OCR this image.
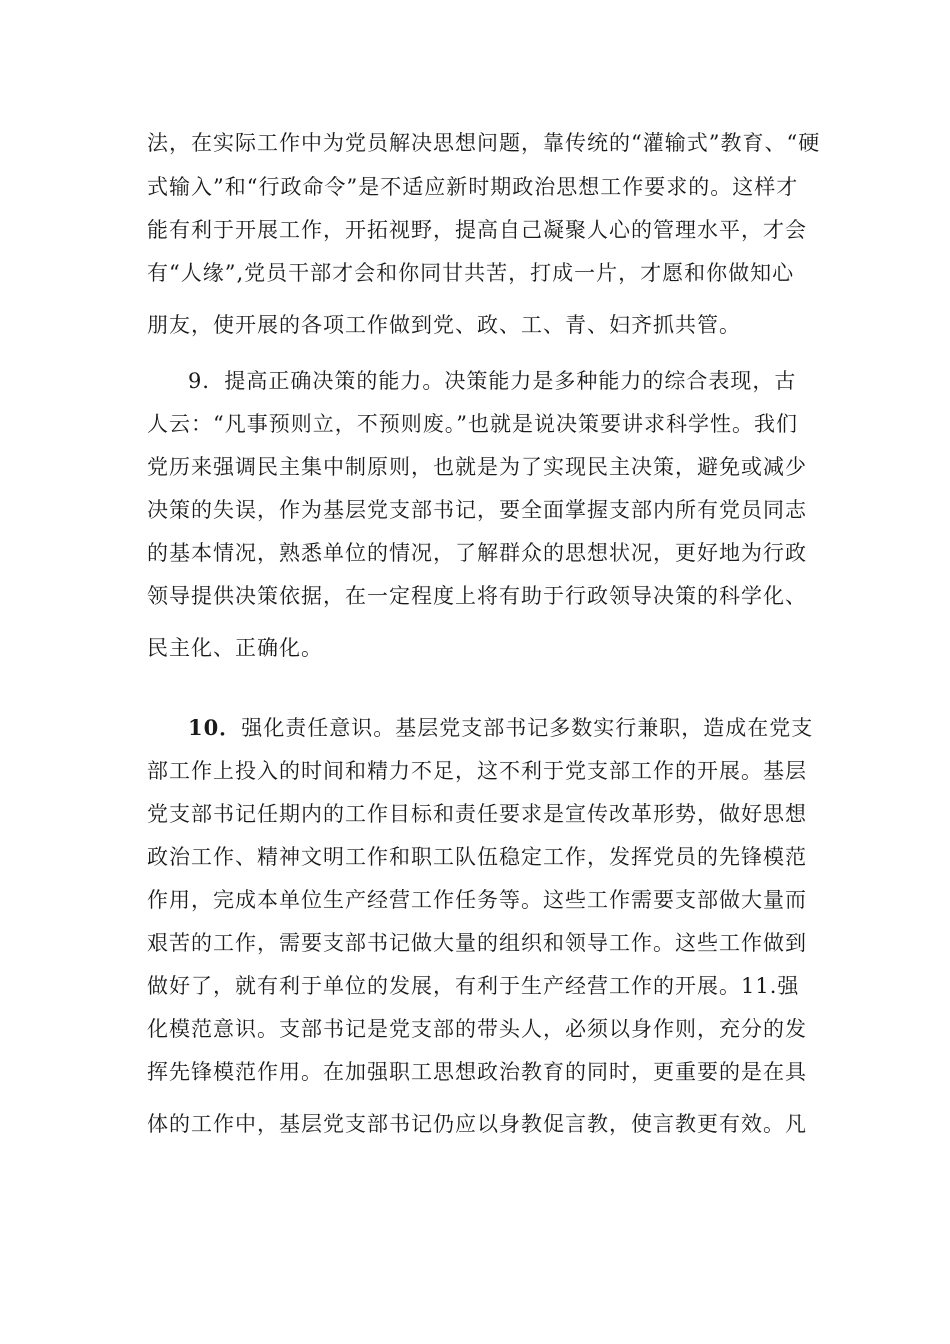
法，在实际工作中为党员解决思想问题，靠传统的“灌输式”教育、“硬
式输入”和“行政命令”是不适应新时期政治思想工作要求的。这样才
能有利于开展工作，开拓视野，提高自己凝聚人心的管理水平，才会
有“人缘”,党员干部才会和你同甘共苦，打成一片，才愿和你做知心
朋友，使开展的各项工作做到党、政、工、青、妇齐抓共管。
9．提高正确决策的能力。决策能力是多种能力的综合表现，古
人云：“凡事预则立，不预则废。”也就是说决策要讲求科学性。我们
党历来强调民主集中制原则，也就是为了实现民主决策，避免或减少
决策的失误，作为基层党支部书记，要全面掌握支部内所有党员同志
的基本情况，熟悉单位的情况，了解群众的思想状况，更好地为行政
领导提供决策依据，在一定程度上将有助于行政领导决策的科学化、
民主化、正确化。
10．强化责任意识。基层党支部书记多数实行兼职，造成在党支
部工作上投入的时间和精力不足，这不利于党支部工作的开展。基层
党支部书记任期内的工作目标和责任要求是宣传改革形势，做好思想
政治工作、精神文明工作和职工队伍稳定工作，发挥党员的先锋模范
作用，完成本单位生产经营工作任务等。这些工作需要支部做大量而
艰苦的工作，需要支部书记做大量的组织和领导工作。这些工作做到
做好了，就有利于单位的发展，有利于生产经营工作的开展。11.强
化模范意识。支部书记是党支部的带头人，必须以身作则，充分的发
挥先锋模范作用。在加强职工思想政治教育的同时，更重要的是在具
体的工作中，基层党支部书记仍应以身教促言教，使言教更有效。凡
